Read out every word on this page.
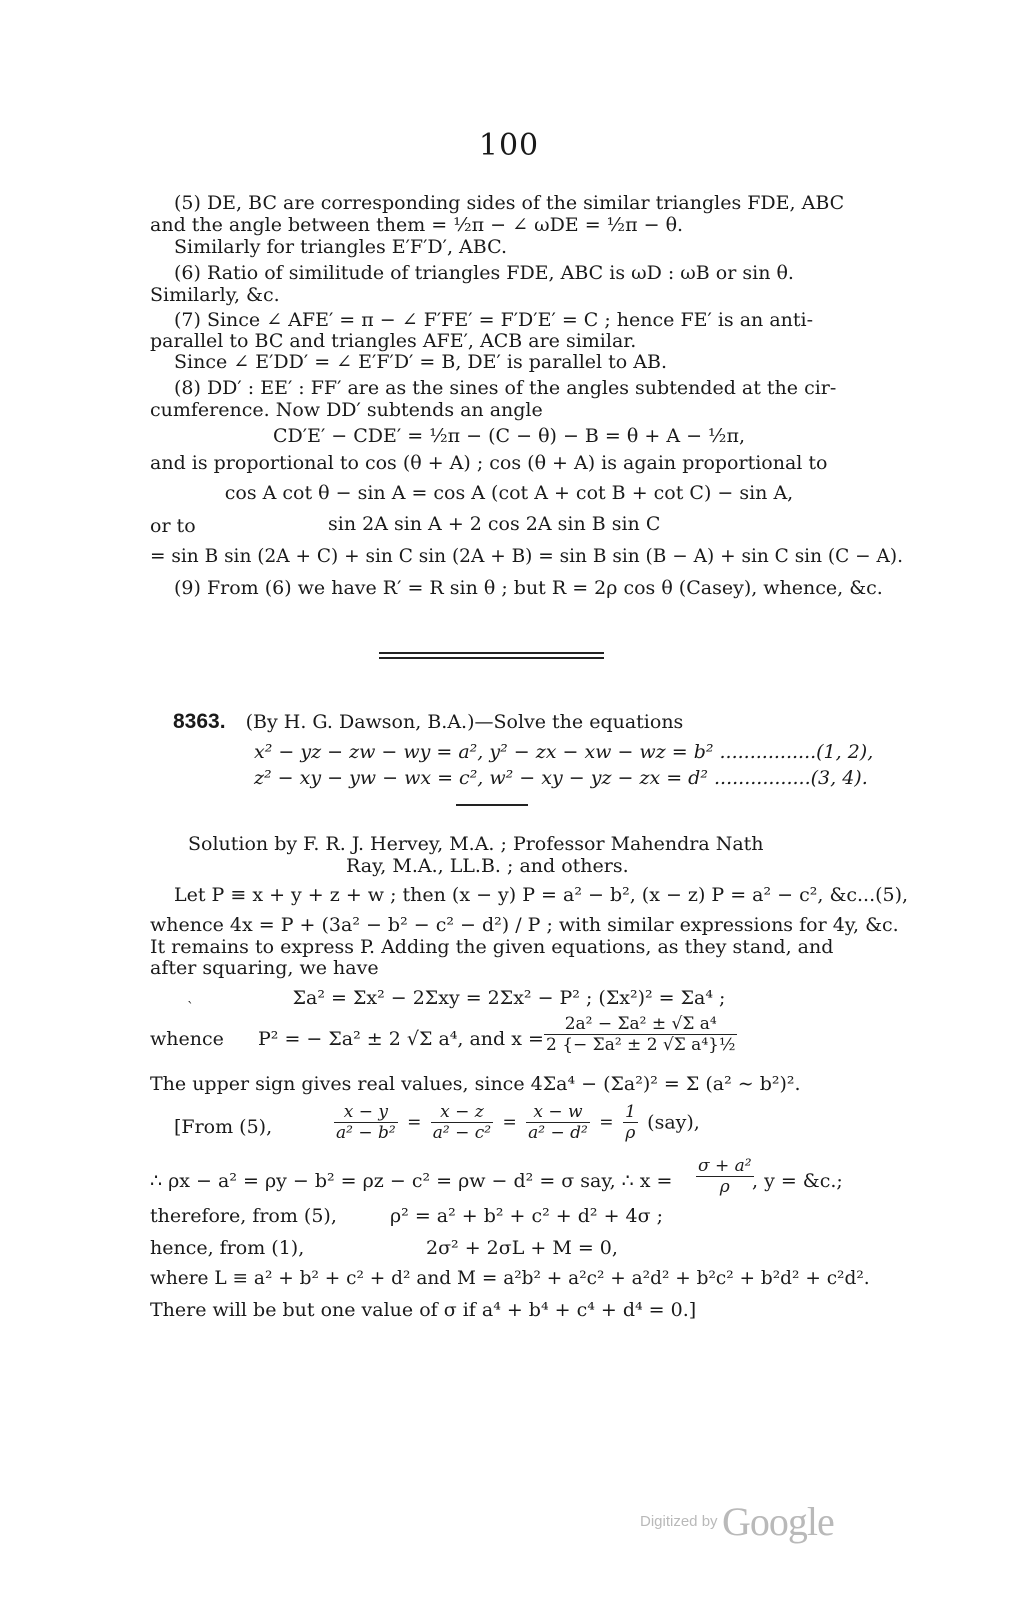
100
(5) DE, BC are corresponding sides of the similar triangles FDE, ABC
and the angle between them = ½π − ∠ ωDE = ½π − θ.
Similarly for triangles E′F′D′, ABC.
(6) Ratio of similitude of triangles FDE, ABC is ωD : ωB or sin θ.
Similarly, &c.
(7) Since ∠ AFE′ = π − ∠ F′FE′ = F′D′E′ = C ; hence FE′ is an anti-
parallel to BC and triangles AFE′, ACB are similar.
Since ∠ E′DD′ = ∠ E′F′D′ = B, DE′ is parallel to AB.
(8) DD′ : EE′ : FF′ are as the sines of the angles subtended at the cir-
cumference. Now DD′ subtends an angle
CD′E′ − CDE′ = ½π − (C − θ) − B = θ + A − ½π,
and is proportional to cos (θ + A) ; cos (θ + A) is again proportional to
cos A cot θ − sin A = cos A (cot A + cot B + cot C) − sin A,
or to	sin 2A sin A + 2 cos 2A sin B sin C
= sin B sin (2A + C) + sin C sin (2A + B) = sin B sin (B − A) + sin C sin (C − A).
(9) From (6) we have R′ = R sin θ ; but R = 2ρ cos θ (Casey), whence, &c.
8363. (By H. G. Dawson, B.A.)—Solve the equations
x² − yz − zw − wy = a², y² − zx − xw − wz = b² ................(1, 2),
z² − xy − yw − wx = c², w² − xy − yz − zx = d² ................(3, 4).
Solution by F. R. J. Hervey, M.A. ; Professor Mahendra Nath
Ray, M.A., LL.B. ; and others.
Let P ≡ x + y + z + w ; then (x − y) P = a² − b², (x − z) P = a² − c², &c...(5),
whence 4x = P + (3a² − b² − c² − d²) / P ; with similar expressions for 4y, &c.
It remains to express P. Adding the given equations, as they stand, and
after squaring, we have
ˋ	Σa² = Σx² − 2Σxy = 2Σx² − P² ; (Σx²)² = Σa⁴ ;
whence	P² = − Σa² ± 2 √Σ a⁴, and $x = \frac{\text{2a² − Σa² ± √Σ a⁴}}{\text{2 \{− Σa² ± 2 √Σ a⁴\}½}}$
The upper sign gives real values, since 4Σa⁴ − (Σa²)² = Σ (a² ∼ b²)².
[From (5),	$\frac{x - y}{\text{a² − b²}} = \frac{x - z}{\text{a² − c²}} = \frac{x - w}{\text{a² − d²}} = \frac{1}{\rho} (say)$,
∴ ρx − a² = ρy − b² = ρz − c² = ρw − d² = σ say, ∴ x =	$\frac{\text{σ + a²}}{\rho}$
, y = &c.;
therefore, from (5),	ρ² = a² + b² + c² + d² + 4σ ;
hence, from (1),	2σ² + 2σL + M = 0,
where L ≡ a² + b² + c² + d² and M = a²b² + a²c² + a²d² + b²c² + b²d² + c²d².
There will be but one value of σ if a⁴ + b⁴ + c⁴ + d⁴ = 0.]
Digitized by Google
